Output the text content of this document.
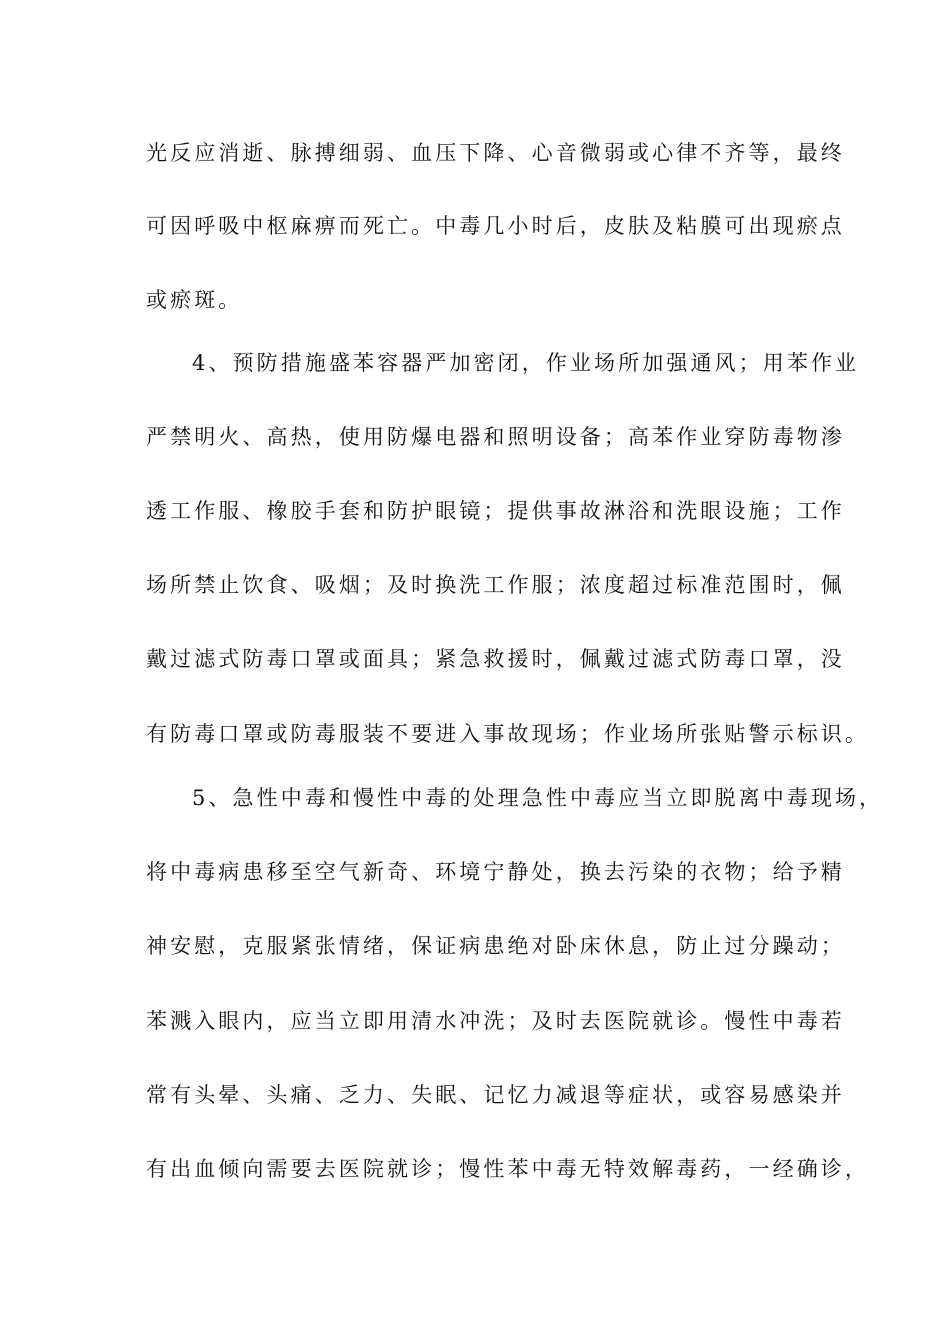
光反应消逝、脉搏细弱、血压下降、心音微弱或心律不齐等，最终
可因呼吸中枢麻痹而死亡。中毒几小时后，皮肤及粘膜可出现瘀点
或瘀斑。
4、预防措施盛苯容器严加密闭，作业场所加强通风；用苯作业
严禁明火、高热，使用防爆电器和照明设备；高苯作业穿防毒物渗
透工作服、橡胶手套和防护眼镜；提供事故淋浴和洗眼设施；工作
场所禁止饮食、吸烟；及时换洗工作服；浓度超过标准范围时，佩
戴过滤式防毒口罩或面具；紧急救援时，佩戴过滤式防毒口罩，没
有防毒口罩或防毒服装不要进入事故现场；作业场所张贴警示标识。
5、急性中毒和慢性中毒的处理急性中毒应当立即脱离中毒现场，
将中毒病患移至空气新奇、环境宁静处，换去污染的衣物；给予精
神安慰，克服紧张情绪，保证病患绝对卧床休息，防止过分躁动；
苯溅入眼内，应当立即用清水冲洗；及时去医院就诊。慢性中毒若
常有头晕、头痛、乏力、失眠、记忆力减退等症状，或容易感染并
有出血倾向需要去医院就诊；慢性苯中毒无特效解毒药，一经确诊，
